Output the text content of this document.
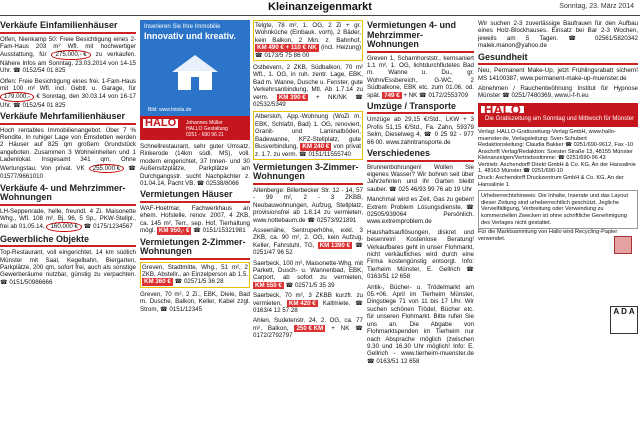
Kleinanzeigenmarkt	Sonntag, 23. März 2014
Verkäufe Einfamilienhäuser
Olfen, Nienkamp 50: Freie Besichtigung eines 2-Fam-Haus 203 m² Wfl. mit hochwertiger Ausstattung, für 275.000,- € zu verkaufen. Nähere Infos am Sonntag, 23.03.2014 von 14-15 Uhr. ☎ 0152/54 01 825
Olfen: Freie Besichtigung eines frei. 1-Fam-Haus mit 100 m² Wfl. incl. Gebtl. u. Garage, für 179.000,- € Sonntag, den 30.03.14 von 16-17 Uhr. ☎ 0152/54 01 825
Verkäufe Mehrfamilienhäuser
Hoch rentables Immobilienangebot. Über 7 % Rendite. In ruhiger Lage von Emsdetten werden 2 Häuser auf 825 qm großem Grundstück angeboten. Zusammen 3 Wohneinheiten und 1 Ladenlokal. Insgesamt 341 qm. Ohne Wertungstau. Von privat. VK 255.000 € ☎ 01577/9661010
Verkäufe 4- und Mehrzimmer-Wohnungen
LH-Seppenrade, helle, freundl. 4 Zi. Maisonette Whg., Wfl. 108 m², Bj. 96, 5 Sp., PKW-Stellpl., frei ab 01.05.14, 160.000 € ☎ 0175/1234567
Gewerbliche Objekte
Top-Restaurant, voll eingerichtet, 14 km südlich Münster mit Saal, Kegelbahn, Biergarten, Parkplätze, 200 qm, sofort frei, auch als sonstige Gewerberäume nutzbar, günstig zu verpachten. ☎ 0151/50986666
Inserieren Sie Ihre Immobilie
Innovativ und kreativ.
Bild: www.fotolia.de
HALO	Johannes Müller
HALLO Gestaltung
0251 - 690 96 21
Schnellrestaurant, sehr guter Umsatz, Rinkerode (14km südl. MS), voll. modern eingerichtet, 37 Innen- und 30 Außensitzplätze, Parkplätze am Durchgangsstr. sucht Nachpächter z. 01.04.14, Pacht VB. ☎ 02538/8066
Vermietungen Häuser
WAF-Hoetmar, Fachwerkhaus an ehem. Hofstelle, renov. 2007, 4 ZKB, ca. 145 m², Terr., sep. Hof, Tierhaltung mögl. KM 950,- € ☎ 0151/15321981
Vermietungen 2-Zimmer-Wohnungen
Greven, Stadtmitte, Whg., 51 m², 2 ZKB, Abstellr., an Einzelperson ab 1.5. KM 360 € ☎ 02571/5 36 28
Greven, 70 m², 2 Zi., EBK, Diele, Bad m. Dusche, Balkon, Keller, Kabel zzgl. Strom, ☎ 0151/12345
Telgte, 78 m², 1. OG, 2 Zi + gr. Wohnküche (Einbauk. vorh), 2 Bäder, kein Balkon, 2 Min. z. Bahnhof, KM 490 € + 110 € NK (incl. Heizung) ☎ 0173/5 75 86 00
Ostbevern, 2 ZKB, Südbalkon, 70 m² Wfl., 1. OG, in ruh. zentr. Lage, EBK, Bad m. Wanne, Dusche u. Fenster, gute Verkehrsanbindung, Mtl. Ab 1.7.14 zu verm. KM 390 € + NK/NK ☎ 02532/5349
Albersloh, App.-Wohnung (WoZi m. EBK, Schlafzi, Bad) 1. OG, renoviert, Granit- und Laminatböden, Badewanne, KFZ-Stellplatz, gute Busverbindung, KM 240 € von privat z. 1.7. zu verm. ☎ 0151/11555740
Vermietungen 3-Zimmer-Wohnungen
Altenberge: Billerbecker Str. 12 - 14, 57 - 99 m², 2 - 3 ZKBB, Neubauwohnungen, Aufzug, Stellplatz, provisionsfrei ab 1.8.14 zu vermieten, www.nottebaum.de ☎ 02573/921891
Asseenähe, Sentruperhöhe, exkl. 3 ZKB, ca. 90 m², 2. OG, kein Aufzug, Keller, Fahrstuhl, TG, KM 1390 € ☎ 0251/47 96 52
Saerbeck, 100 m², Maisonette-Whg. mit Parkett, Dusch- u. Wannenbad, EBK, Carport, ab sofort zu vermieten, KM 550 € ☎ 02571/5 35 39
Saerbeck, 70 m², 3 ZKBB kurzfr. zu vermieten, KM 420 € Kaltmiete. ☎ 0163/4 12 57 28
Ahlen, Sudetenstr. 24, 2. OG, ca. 77 m², Balkon, 250 € KM + NK ☎ 0172/2792797
Vermietungen 4- und Mehrzimmer-Wohnungen
Greven 1, Scharnhorststr., kernsaniert 1.1 m², 1. OG, lichtdurchflutetes Bad m. Wanne u. Du., gr. Wohn/Essbereich, G-WC, 2 Südbalkone, EBK etc. zum 01.06. od. spät. 749 € + NK ☎ 0172/2553709
Umzüge / Transporte
Umzüge ab 29,15 €/Std., LKW + 3 Profis 51,15 €/Std., Fa. Zahn, 59379 Selm, Dieselweg 4, ☎ 0 25 92 - 977 66 00. www.zahntransporte.de
Verschiedenes
Brunnenbohrungen! Wollen Sie eigenes Wasser? Wir bohren seit über Jahrzehnten und ihr Garten bleibt sauber. ☎ 025 46/93 99 76 ab 19 Uhr
Manchmal wird es Zeit, Gas zu geben! Extrem Problem Lösungsdienste. ☎ 02505/939064 Persönlich. www.extremproblem.de
Haushaltsauflösungen, diskret und besenrein! Kostenlose Beratung! Verkaufbares geht in unser Flohmarkt, nicht verkäufliches wird durch eine Firma kostengünstig entsorgt. Info: Tierheim Münster, E. Gellrich ☎ 0163/51 12 658
Antik-, Bücher- u. Trödelmarkt am 05.+06. April im Tierheim Münster, Dingstiege 71 von 11 bis 17 Uhr. Wir suchen schönen Trödel, Bücher etc. für unseren Flohmarkt. Bitte rufen Sie uns an. Die Abgabe von Flohmarktspenden im Tierheim nur nach Absprache möglich (zwischen 9.30 und 16.30 Uhr möglich! Info: E. Gellrich - www.tierheim-muenster.de ☎ 0163/51 12 658
Wir suchen 2-3 zuverlässige Baufrauen für den Aufbau eines Holz-Blockhauses. Einsatz bei Bar 2-3 Wochen, jeweils am 5 Tagen. ☎ 02561/5820342 malek.manon@yahoo.de
Gesundheit
Neu, Permanent Make-Up, jetzt Frühlingsrabatt sichern! MS 14100387, www.permanent-make-up-muenster.de
Abnehmen / Rauchentwöhnung Institut für Hypnose Münster ☎ 0251/7480369, www.i-f-h.eu
HALO Die Gratiszeitung am Sonntag und Mittwoch für Münster
Verlag: HALLO-Gratiszeitung-Verlag GmbH, www.hallo-muenster.de, Verlagsleitung: Sven Schubert
Redaktionsleitung: Claudia Bakker ☎ 0251/690-9612, Fax -10
Anschrift Verlag/Redaktion: Soester Straße 13, 48155 Münster
Kleinanzeigen/Vertriebsstimme: ☎ 0251/690-96 43
Vertrieb: Aschendorff Direkt GmbH & Co. KG, An der Hansalinie 1, 48163 Münster ☎ 0251/690-10
Druck: Aschendorff Druckzentrum GmbH & Co. KG, An der Hansalinie 1
Urheberrechtshinweis: Die Inhalte, Inserate und das Layout dieser Zeitung sind urheberrechtlich geschützt. Jegliche Vervielfältigung, Verbreitung oder Verwendung zu kommerziellen Zwecken ist ohne schriftliche Genehmigung des Verlages nicht gestattet.
Für die Marktsammlung von Hallo wird Recycling-Papier verwendet.
A D A
